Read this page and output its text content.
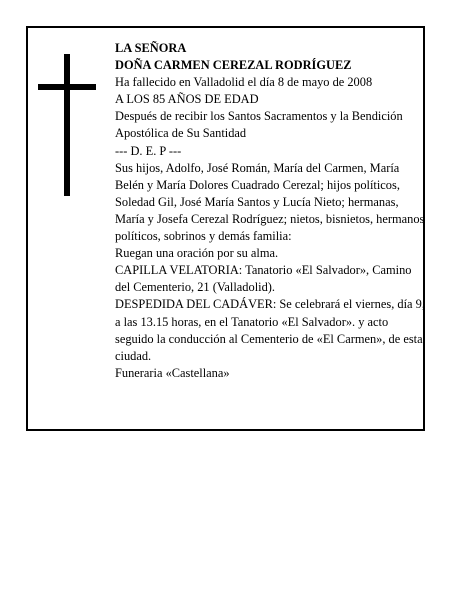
LA SEÑORA

DOÑA CARMEN CEREZAL RODRÍGUEZ

Ha fallecido en Valladolid el día 8 de mayo de 2008

A LOS 85 AÑOS DE EDAD

Después de recibir los Santos Sacramentos y la Bendición Apostólica de Su Santidad

--- D. E. P ---

Sus hijos, Adolfo, José Román, María del Carmen, María Belén y María Dolores Cuadrado Cerezal; hijos políticos, Soledad Gil, José María Santos y Lucía Nieto; hermanas, María y Josefa Cerezal Rodríguez; nietos, bisnietos, hermanos políticos, sobrinos y demás familia:

Ruegan una oración por su alma.

CAPILLA VELATORIA: Tanatorio «El Salvador», Camino del Cementerio, 21 (Valladolid).

DESPEDIDA DEL CADÁVER: Se celebrará el viernes, día 9, a las 13.15 horas, en el Tanatorio «El Salvador». y acto seguido la conducción al Cementerio de «El Carmen», de esta ciudad.

Funeraria «Castellana»
